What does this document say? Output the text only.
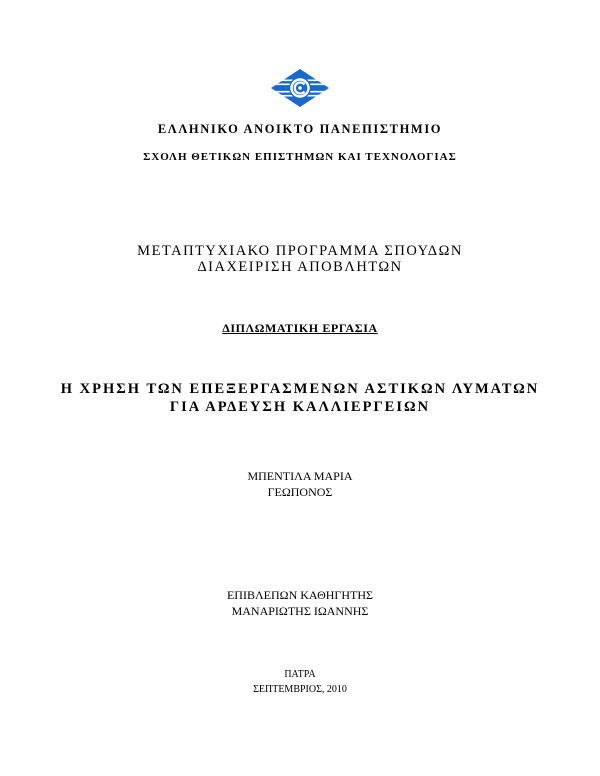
ΕΛΛΗΝΙΚΟ ΑΝΟΙΚΤΟ ΠΑΝΕΠΙΣΤΗΜΙΟ
ΣΧΟΛΗ ΘΕΤΙΚΩΝ ΕΠΙΣΤΗΜΩΝ ΚΑΙ ΤΕΧΝΟΛΟΓΙΑΣ
ΜΕΤΑΠΤΥΧΙΑΚΟ ΠΡΟΓΡΑΜΜΑ ΣΠΟΥΔΩΝ
ΔΙΑΧΕΙΡΙΣΗ ΑΠΟΒΛΗΤΩΝ
ΔΙΠΛΩΜΑΤΙΚΗ ΕΡΓΑΣΙΑ
Η ΧΡΗΣΗ ΤΩΝ ΕΠΕΞΕΡΓΑΣΜΕΝΩΝ ΑΣΤΙΚΩΝ ΛΥΜΑΤΩΝ
ΓΙΑ ΑΡΔΕΥΣΗ ΚΑΛΛΙΕΡΓΕΙΩΝ
ΜΠΕΝΤΙΛΑ ΜΑΡΙΑ
ΓΕΩΠΟΝΟΣ
ΕΠΙΒΛΕΠΩΝ ΚΑΘΗΓΗΤΗΣ
ΜΑΝΑΡΙΩΤΗΣ ΙΩΑΝΝΗΣ
ΠΑΤΡΑ
ΣΕΠΤΕΜΒΡΙΟΣ, 2010
